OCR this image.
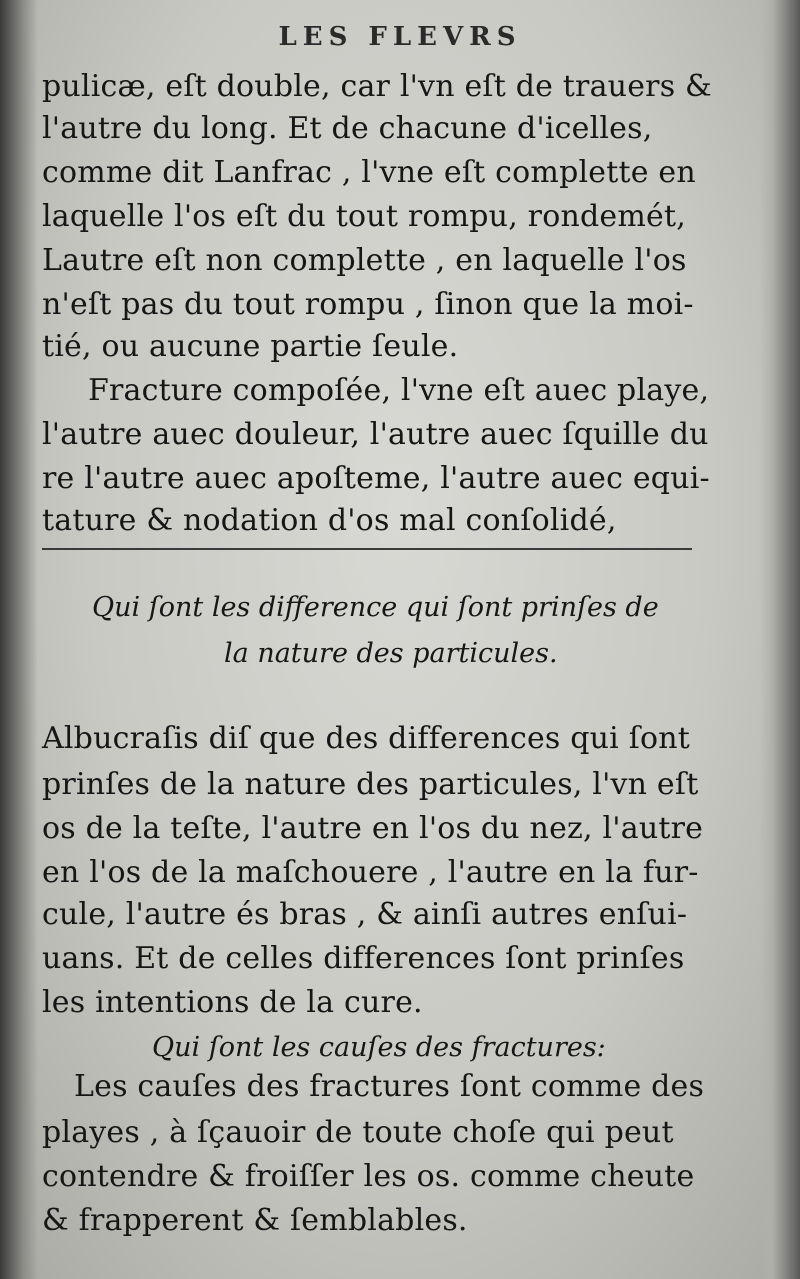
LES FLEVRS
pulicæ, eſt double, car l'vn eſt de trauers &
l'autre du long. Et de chacune d'icelles,
comme dit Lanfrac , l'vne eſt complette en
laquelle l'os eſt du tout rompu, rondemét,
Lautre eſt non complette , en laquelle l'os
n'eſt pas du tout rompu , ſinon que la moi-
tié, ou aucune partie ſeule.
Fracture compoſée, l'vne eſt auec playe,
l'autre auec douleur, l'autre auec ſquille du
re l'autre auec apoſteme, l'autre auec equi-
tature & nodation d'os mal conſolidé,
Qui ſont les difference qui ſont prinſes de
la nature des particules.
Albucraſis diſ que des differences qui ſont
prinſes de la nature des particules, l'vn eſt
os de la teſte, l'autre en l'os du nez, l'autre
en l'os de la maſchouere , l'autre en la fur-
cule, l'autre és bras , & ainſi autres enſui-
uans. Et de celles differences ſont prinſes
les intentions de la cure.
Qui ſont les cauſes des fractures:
Les cauſes des fractures ſont comme des
playes , à ſçauoir de toute choſe qui peut
contendre & froiſſer les os. comme cheute
& frapperent & ſemblables.
